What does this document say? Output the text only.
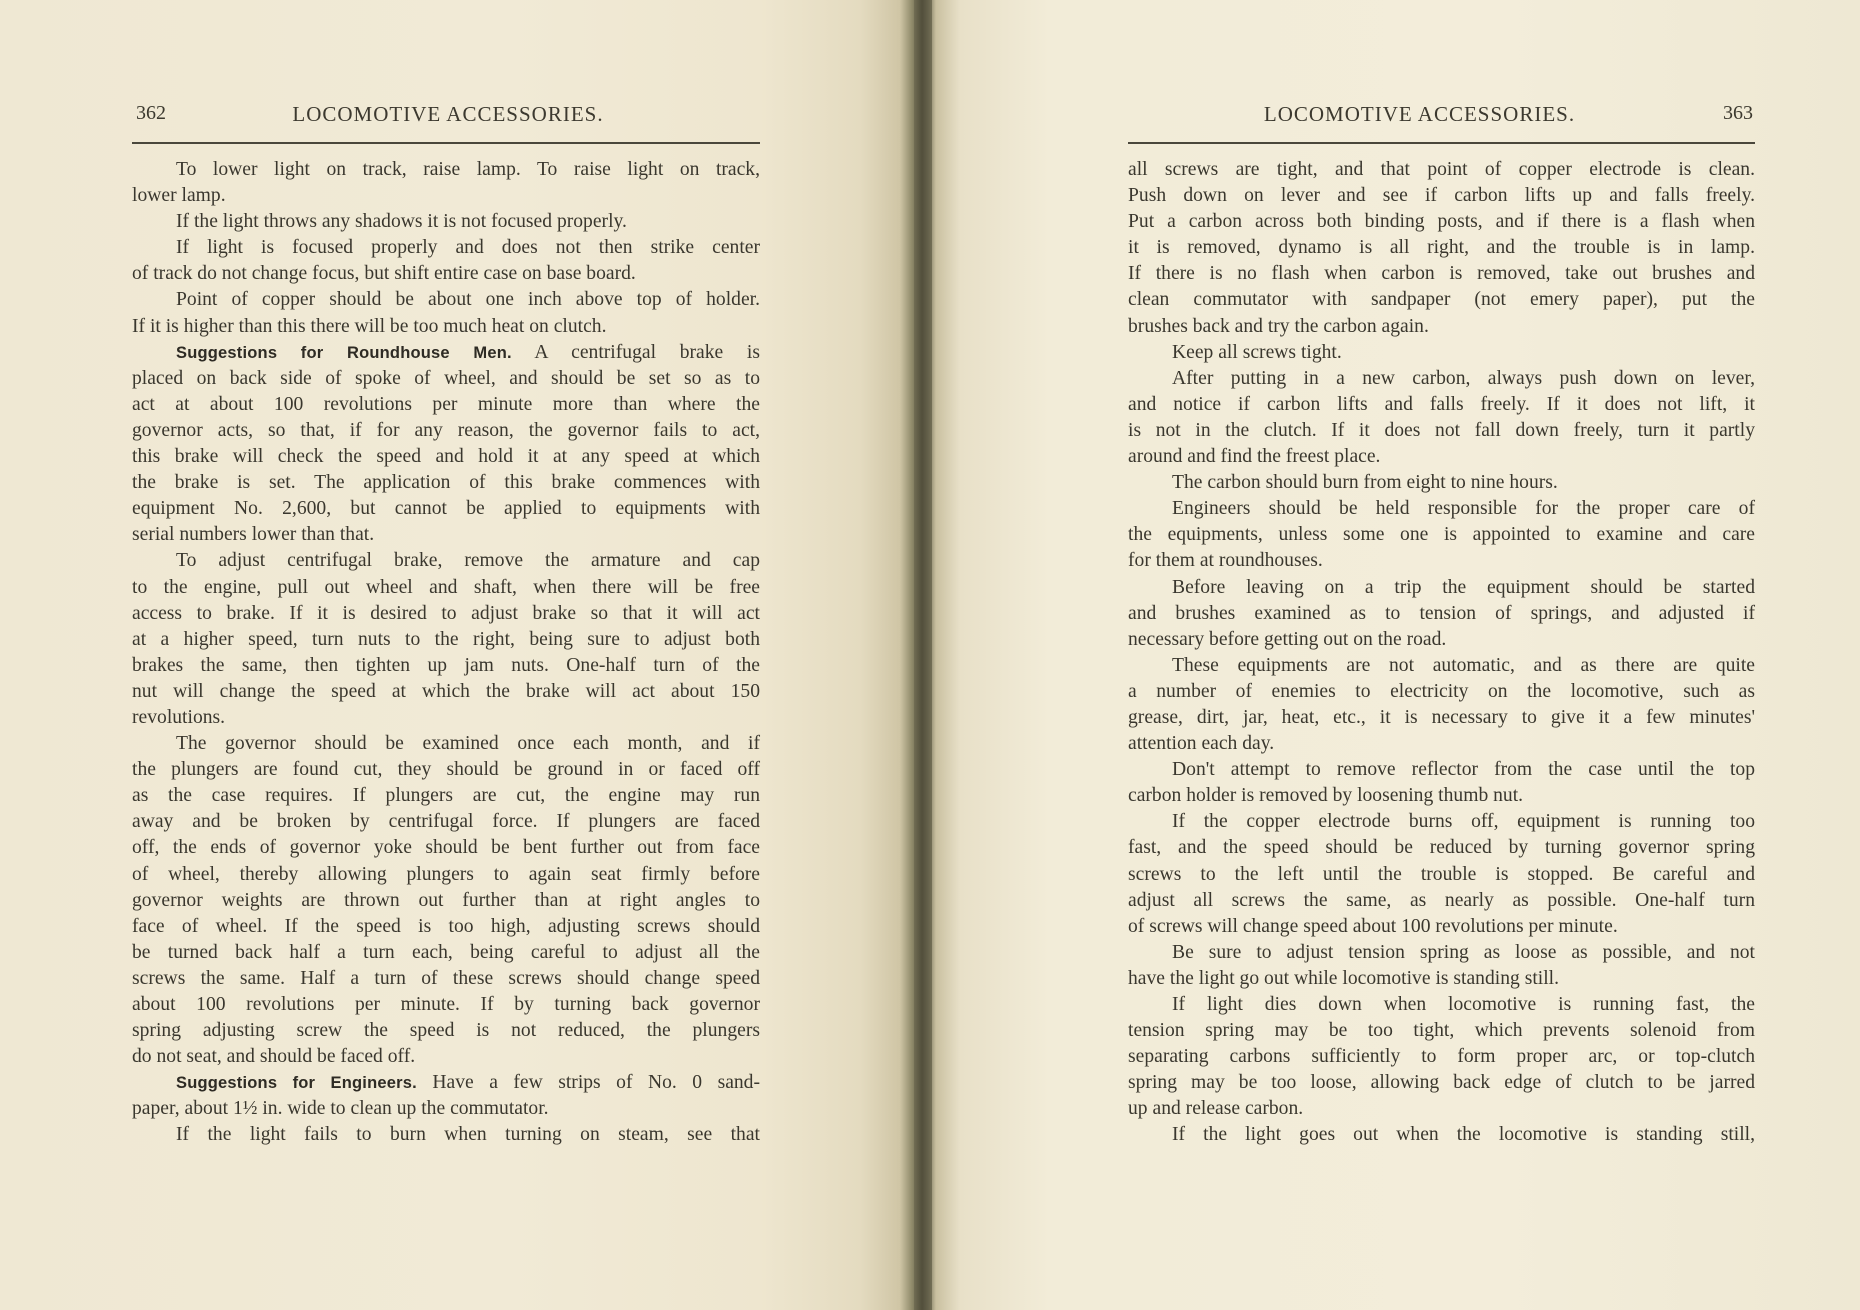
362	LOCOMOTIVE ACCESSORIES.
To lower light on track, raise lamp. To raise light on track,
lower lamp.
If the light throws any shadows it is not focused properly.
If light is focused properly and does not then strike center
of track do not change focus, but shift entire case on base board.
Point of copper should be about one inch above top of holder.
If it is higher than this there will be too much heat on clutch.
Suggestions for Roundhouse Men. A centrifugal brake is
placed on back side of spoke of wheel, and should be set so as to
act at about 100 revolutions per minute more than where the
governor acts, so that, if for any reason, the governor fails to act,
this brake will check the speed and hold it at any speed at which
the brake is set. The application of this brake commences with
equipment No. 2,600, but cannot be applied to equipments with
serial numbers lower than that.
To adjust centrifugal brake, remove the armature and cap
to the engine, pull out wheel and shaft, when there will be free
access to brake. If it is desired to adjust brake so that it will act
at a higher speed, turn nuts to the right, being sure to adjust both
brakes the same, then tighten up jam nuts. One-half turn of the
nut will change the speed at which the brake will act about 150
revolutions.
The governor should be examined once each month, and if
the plungers are found cut, they should be ground in or faced off
as the case requires. If plungers are cut, the engine may run
away and be broken by centrifugal force. If plungers are faced
off, the ends of governor yoke should be bent further out from face
of wheel, thereby allowing plungers to again seat firmly before
governor weights are thrown out further than at right angles to
face of wheel. If the speed is too high, adjusting screws should
be turned back half a turn each, being careful to adjust all the
screws the same. Half a turn of these screws should change speed
about 100 revolutions per minute. If by turning back governor
spring adjusting screw the speed is not reduced, the plungers
do not seat, and should be faced off.
Suggestions for Engineers. Have a few strips of No. 0 sand-
paper, about 1½ in. wide to clean up the commutator.
If the light fails to burn when turning on steam, see that
LOCOMOTIVE ACCESSORIES.	363
all screws are tight, and that point of copper electrode is clean.
Push down on lever and see if carbon lifts up and falls freely.
Put a carbon across both binding posts, and if there is a flash when
it is removed, dynamo is all right, and the trouble is in lamp.
If there is no flash when carbon is removed, take out brushes and
clean commutator with sandpaper (not emery paper), put the
brushes back and try the carbon again.
Keep all screws tight.
After putting in a new carbon, always push down on lever,
and notice if carbon lifts and falls freely. If it does not lift, it
is not in the clutch. If it does not fall down freely, turn it partly
around and find the freest place.
The carbon should burn from eight to nine hours.
Engineers should be held responsible for the proper care of
the equipments, unless some one is appointed to examine and care
for them at roundhouses.
Before leaving on a trip the equipment should be started
and brushes examined as to tension of springs, and adjusted if
necessary before getting out on the road.
These equipments are not automatic, and as there are quite
a number of enemies to electricity on the locomotive, such as
grease, dirt, jar, heat, etc., it is necessary to give it a few minutes'
attention each day.
Don't attempt to remove reflector from the case until the top
carbon holder is removed by loosening thumb nut.
If the copper electrode burns off, equipment is running too
fast, and the speed should be reduced by turning governor spring
screws to the left until the trouble is stopped. Be careful and
adjust all screws the same, as nearly as possible. One-half turn
of screws will change speed about 100 revolutions per minute.
Be sure to adjust tension spring as loose as possible, and not
have the light go out while locomotive is standing still.
If light dies down when locomotive is running fast, the
tension spring may be too tight, which prevents solenoid from
separating carbons sufficiently to form proper arc, or top-clutch
spring may be too loose, allowing back edge of clutch to be jarred
up and release carbon.
If the light goes out when the locomotive is standing still,
